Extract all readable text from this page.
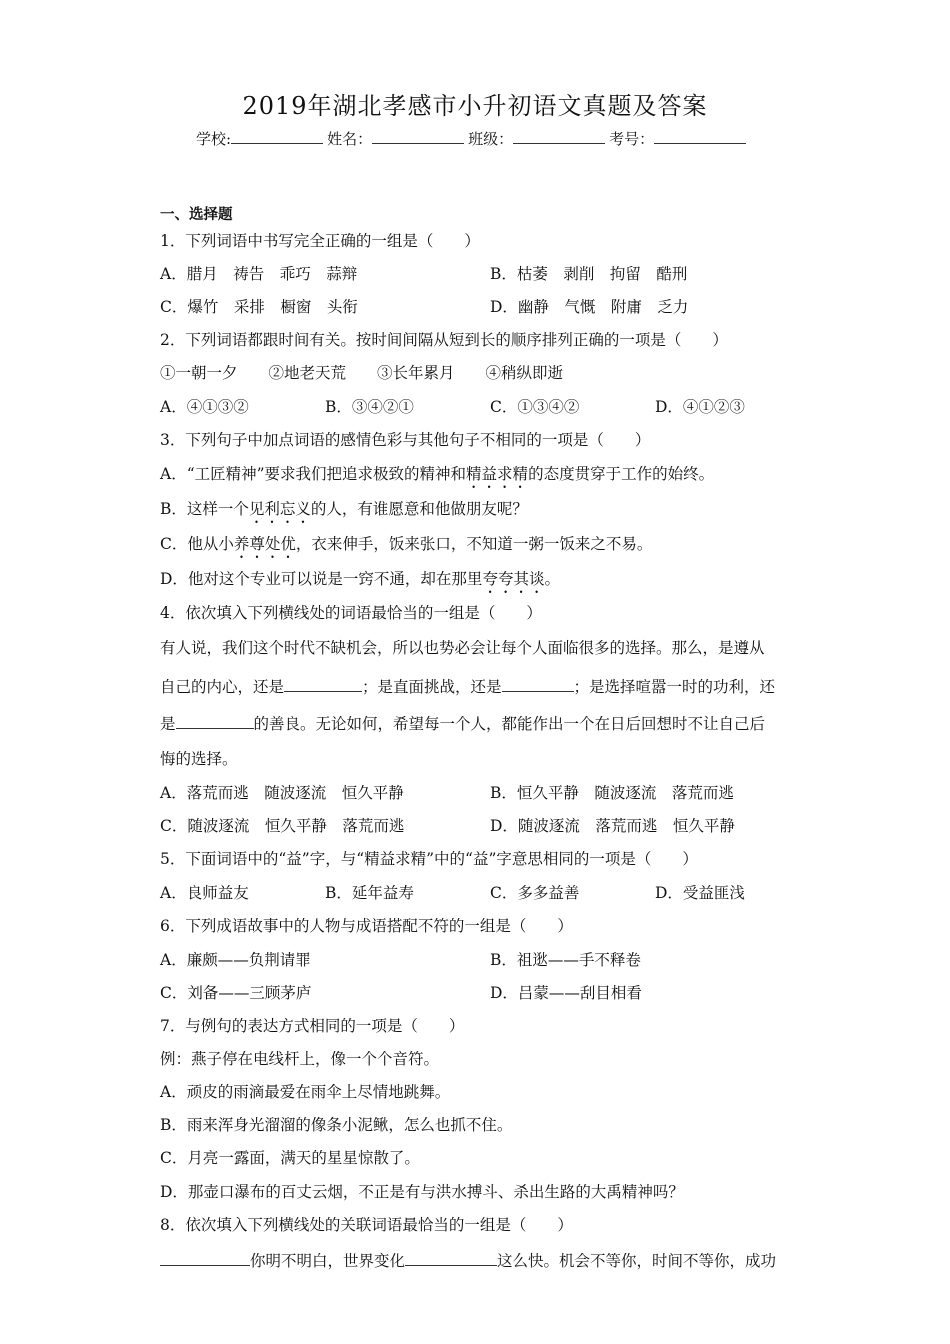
2019年湖北孝感市小升初语文真题及答案
学校:	姓名：	班级：	考号：
一、选择题
1．下列词语中书写完全正确的一组是（　　）
A．腊月　祷告　乖巧　蒜辩	B．枯萎　剥削　拘留　酷刑
C．爆竹　采排　橱窗　头衔	D．幽静　气慨　附庸　乏力
2．下列词语都跟时间有关。按时间间隔从短到长的顺序排列正确的一项是（　　）
①一朝一夕　　②地老天荒　　③长年累月　　④稍纵即逝
A．④①③②	B．③④②①	C．①③④②	D．④①②③
3．下列句子中加点词语的感情色彩与其他句子不相同的一项是（　　）
A．“工匠精神”要求我们把追求极致的精神和精益求精的态度贯穿于工作的始终。
B．这样一个见利忘义的人，有谁愿意和他做朋友呢？
C．他从小养尊处优，衣来伸手，饭来张口，不知道一粥一饭来之不易。
D．他对这个专业可以说是一窍不通，却在那里夸夸其谈。
4．依次填入下列横线处的词语最恰当的一组是（　　）
有人说，我们这个时代不缺机会，所以也势必会让每个人面临很多的选择。那么，是遵从
自己的内心，还是	；是直面挑战，还是	；是选择喧嚣一时的功利，还
是	的善良。无论如何，希望每一个人，都能作出一个在日后回想时不让自己后
悔的选择。
A．落荒而逃　随波逐流　恒久平静	B．恒久平静　随波逐流　落荒而逃
C．随波逐流　恒久平静　落荒而逃	D．随波逐流　落荒而逃　恒久平静
5．下面词语中的“益”字，与“精益求精”中的“益”字意思相同的一项是（　　）
A．良师益友	B．延年益寿	C．多多益善	D．受益匪浅
6．下列成语故事中的人物与成语搭配不符的一组是（　　）
A．廉颇——负荆请罪	B．祖逖——手不释卷
C．刘备——三顾茅庐	D．吕蒙——刮目相看
7．与例句的表达方式相同的一项是（　　）
例：燕子停在电线杆上，像一个个音符。
A．顽皮的雨滴最爱在雨伞上尽情地跳舞。
B．雨来浑身光溜溜的像条小泥鳅，怎么也抓不住。
C．月亮一露面，满天的星星惊散了。
D．那壶口瀑布的百丈云烟，不正是有与洪水搏斗、杀出生路的大禹精神吗？
8．依次填入下列横线处的关联词语最恰当的一组是（　　）
你明不明白，世界变化	这么快。机会不等你，时间不等你，成功
